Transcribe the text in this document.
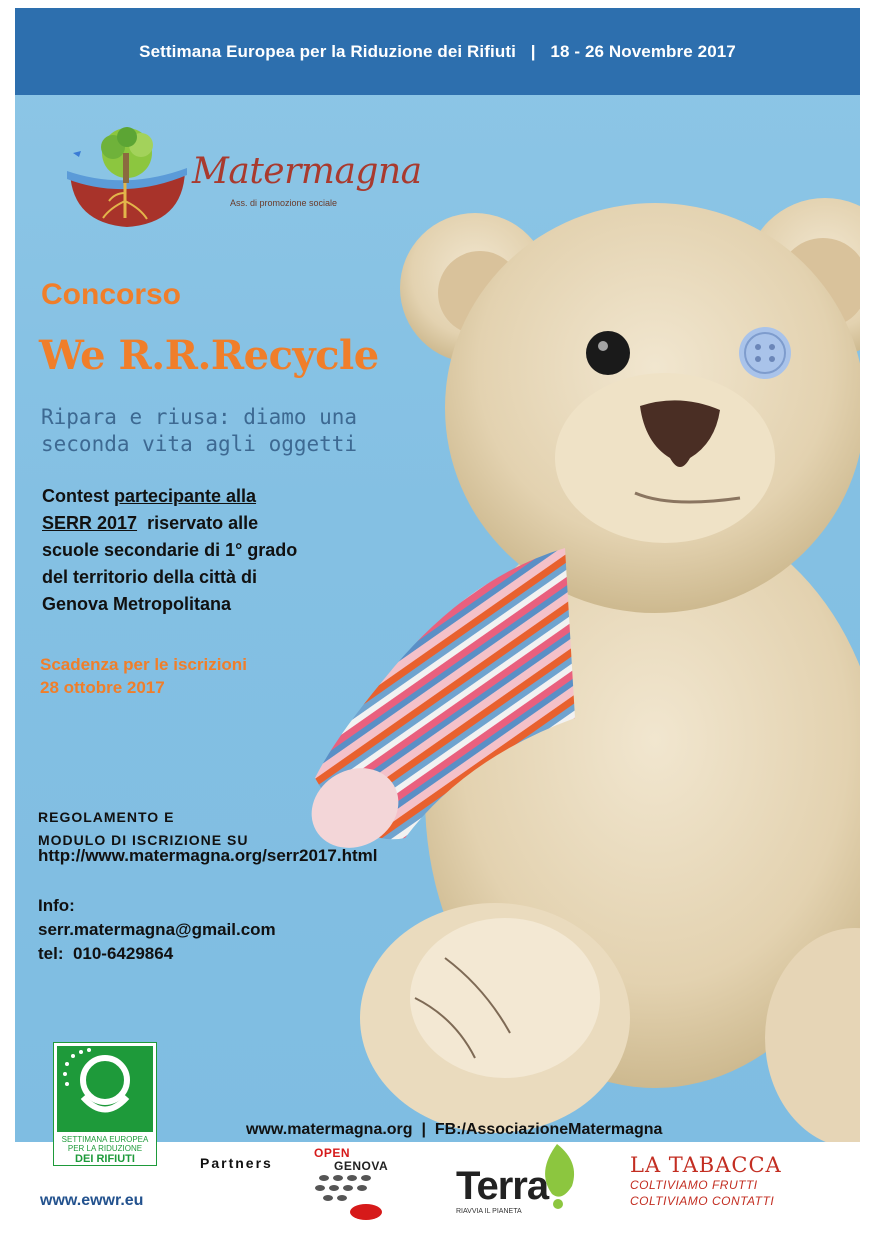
Settimana Europea per la Riduzione dei Rifiuti | 18 - 26 Novembre 2017
Matermagna
Ass. di promozione sociale
Concorso
We R.R.Recycle
Ripara e riusa: diamo una
seconda vita agli oggetti
Contest partecipante alla
SERR 2017  riservato alle
scuole secondarie di 1° grado
del territorio della città di
Genova Metropolitana
Scadenza per le iscrizioni
28 ottobre 2017
REGOLAMENTO E
MODULO DI ISCRIZIONE SU
http://www.matermagna.org/serr2017.html
Info:
serr.matermagna@gmail.com
tel:  010-6429864
www.matermagna.org  |  FB:/AssociazioneMatermagna
SETTIMANA EUROPEA
PER LA RIDUZIONE
DEI RIFIUTI
www.ewwr.eu
Partners
OPEN
GENOVA Terra
RIAVVIA IL PIANETA
LA TABACCA
COLTIVIAMO FRUTTI
COLTIVIAMO CONTATTI
